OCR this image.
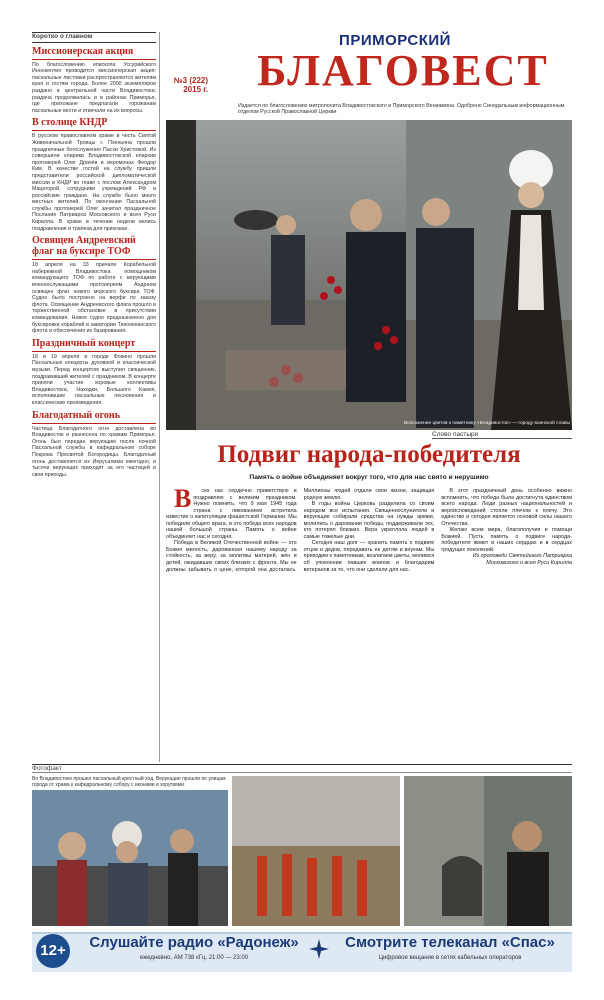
Коротко о главном
Миссионерская акция
По благословению епископа Уссурийского Иннокентия проводится миссионерская акция: пасхальные листовки распространяются жителям края и гостям города. Более 2000 экземпляров раздано в центральной части Владивостока; раздача продолжилась и в районах Приморья, где прихожане предлагали горожанам пасхальные вести и отвечали на их вопросы.
В столице КНДР
В русском православном храме в честь Святой Живоначальной Троицы г. Пхеньяна прошли праздничные богослужения Пасхи Христовой. Их совершили клирики Владивостокской епархии протоиерей Олег Драчёв и иеромонах Феодор Ким. В качестве гостей на службу пришли представители российской дипломатической миссии в КНДР во главе с послом Александром Мацегорой, сотрудники учреждений РФ и российские граждане. На службе было много местных жителей. По окончании Пасхальной службы протоиерей Олег зачитал праздничное Послание Патриарха Московского и всея Руси Кирилла. В храме в течение недели велись поздравления и трапеза для прихожан.
Освящен Андреевский флаг на буксире ТОФ
18 апреля на 33 причале Корабельной набережной Владивостока помощником командующего ТОФ по работе с верующими военнослужащими протоиереем Андреем освящен флаг нового морского буксира ТОФ. Судно было построено на верфи по заказу флота. Освящение Андреевского флага прошло в торжественной обстановке в присутствии командования. Новое судно предназначено для буксировки кораблей в акватории Тихоокеанского флота и обеспечения их базирования.
Праздничный концерт
18 и 19 апреля в городе Фокино прошли Пасхальные концерты духовной и классической музыки. Перед концертом выступил священник, поздравивший жителей с праздником. В концерте приняли участие хоровые коллективы Владивостока, Находки, Большого Камня, исполнившие пасхальные песнопения и классические произведения.
Благодатный огонь
Частица Благодатного огня доставлена во Владивосток и разнесена по храмам Приморья. Огонь был передан верующим после ночной Пасхальной службы в кафедральном соборе Покрова Пресвятой Богородицы. Благодатный огонь доставляется из Иерусалима ежегодно, и тысячи верующих приходят за его частицей в свои приходы.
№3 (222) 2015 г.
ПРИМОРСКИЙ
БЛАГОВЕСТ
Издается по благословению митрополита Владивостокского и Приморского Вениамина. Одобрено Синодальным информационным отделом Русской Православной Церкви
Возложение цветов к памятнику «Владивосток» — городу воинской славы
Слово пастыря
Подвиг народа-победителя
Память о войне объединяет вокруг того, что для нас свято и нерушимо

В сех нас сердечно приветствую и поздравляю с великим праздником. Нужно помнить, что 9 мая 1945 года страна с ликованием встретила известие о капитуляции фашистской Германии. Мы победили общего врага, и это победа всех народов нашей большой страны. Память о войне объединяет нас и сегодня.

Победа в Великой Отечественной войне — это Божия милость, дарованная нашему народу за стойкость, за веру, за молитвы матерей, жён и детей, ожидавших своих близких с фронта. Мы не должны забывать о цене, которой она досталась. Миллионы людей отдали свои жизни, защищая родную землю.

В годы войны Церковь разделила со своим народом все испытания. Священнослужители и верующие собирали средства на нужды армии, молились о даровании победы, поддерживали тех, кто потерял близких. Вера укрепляла людей в самые тяжелые дни.

Сегодня наш долг — хранить память о подвиге отцов и дедов, передавать ее детям и внукам. Мы приходим к памятникам, возлагаем цветы, молимся об упокоении павших воинов и благодарим ветеранов за то, что они сделали для нас.

В этот праздничный день особенно важно вспомнить, что победа была достигнута единством всего народа. Люди разных национальностей и вероисповеданий стояли плечом к плечу. Это единство и сегодня является основой силы нашего Отечества.

Желаю всем мира, благополучия и помощи Божией. Пусть память о подвиге народа-победителя живет в наших сердцах и в сердцах грядущих поколений.

Из проповеди Святейшего Патриарха Московского и всея Руси Кирилла

Фотофакт
Во Владивостоке прошел пасхальный крестный ход. Верующие прошли по улицам города от храма к кафедральному собору с иконами и хоругвями.
12+	Слушайте радио «Радонеж»
ежедневно, АМ 738 кГц, 21:00 — 23:00
Смотрите телеканал «Спас»
Цифровое вещание в сетях кабельных операторов
